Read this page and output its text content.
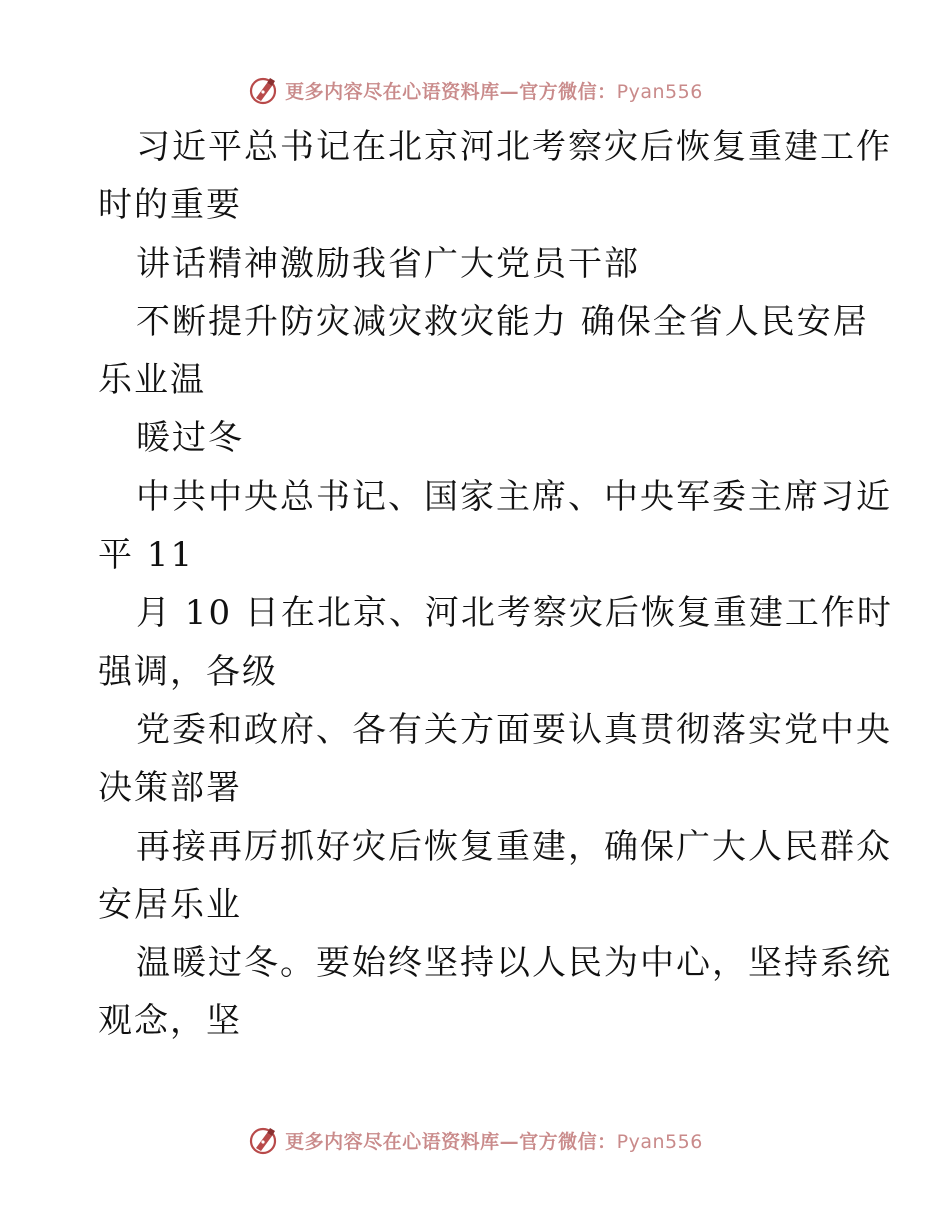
更多内容尽在心语资料库—官方微信：Pyan556
习近平总书记在北京河北考察灾后恢复重建工作
时的重要
讲话精神激励我省广大党员干部
不断提升防灾减灾救灾能力 确保全省人民安居
乐业温
暖过冬
中共中央总书记、国家主席、中央军委主席习近
平 11
月 10 日在北京、河北考察灾后恢复重建工作时
强调，各级
党委和政府、各有关方面要认真贯彻落实党中央
决策部署
再接再厉抓好灾后恢复重建，确保广大人民群众
安居乐业
温暖过冬。要始终坚持以人民为中心，坚持系统
观念，坚
更多内容尽在心语资料库—官方微信：Pyan556
